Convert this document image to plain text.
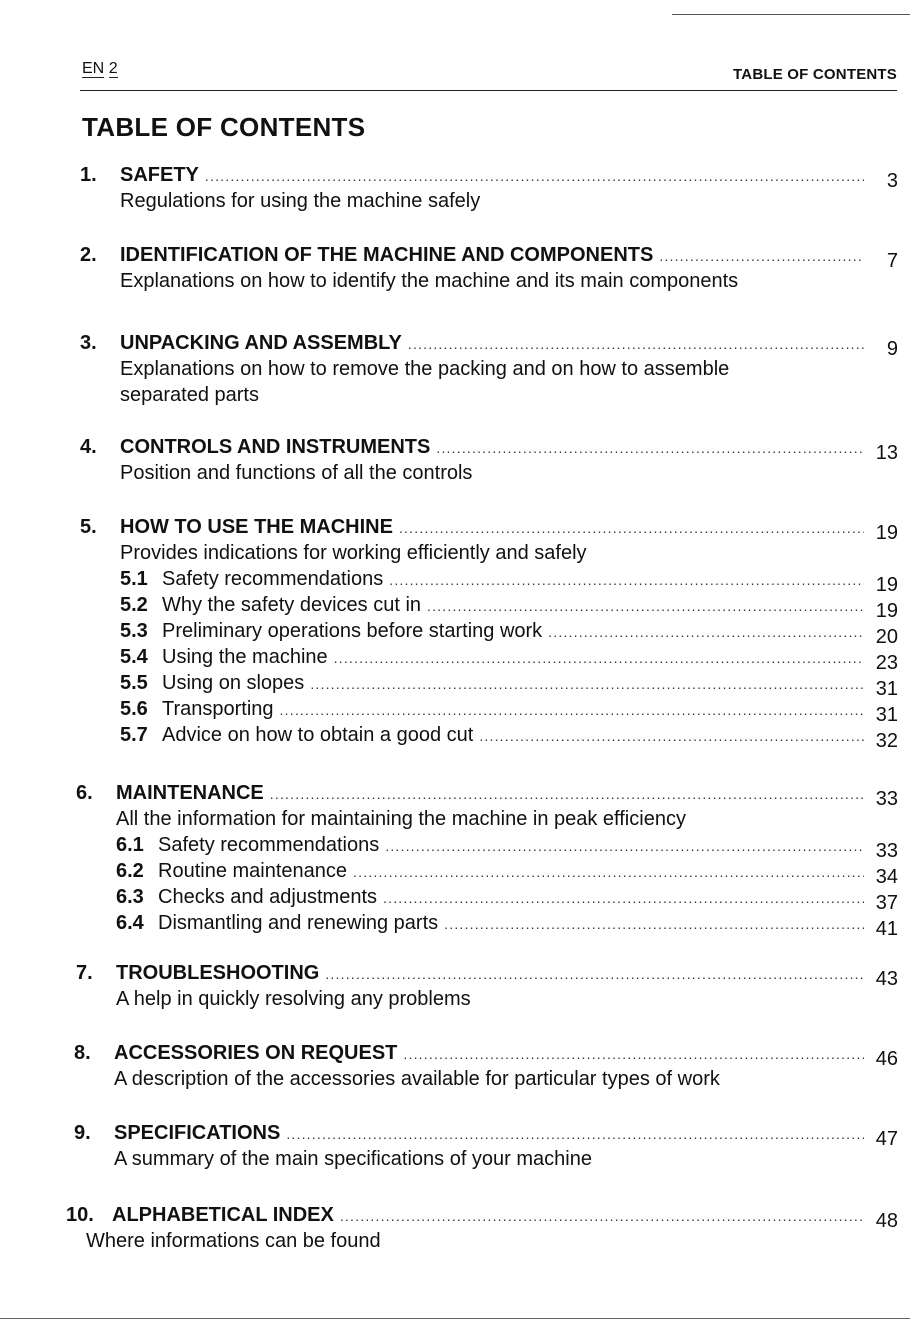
EN 2	TABLE OF CONTENTS
TABLE OF CONTENTS
1.	SAFETY .....	3
Regulations for using the machine safely
2.	IDENTIFICATION OF THE MACHINE AND COMPONENTS .....	7
Explanations on how to identify the machine and its main components
3.	UNPACKING AND ASSEMBLY .....	9
Explanations on how to remove the packing and on how to assemble
separated parts
4.	CONTROLS AND INSTRUMENTS .....	13
Position and functions of all the controls
5.	HOW TO USE THE MACHINE .....	19
Provides indications for working efficiently and safely
5.1 Safety recommendations .....	19
5.2 Why the safety devices cut in .....	19
5.3 Preliminary operations before starting work .....	20
5.4 Using the machine .....	23
5.5 Using on slopes .....	31
5.6 Transporting .....	31
5.7 Advice on how to obtain a good cut .....	32
6.	MAINTENANCE .....	33
All the information for maintaining the machine in peak efficiency
6.1 Safety recommendations .....	33
6.2 Routine maintenance .....	34
6.3 Checks and adjustments .....	37
6.4 Dismantling and renewing parts .....	41
7.	TROUBLESHOOTING .....	43
A help in quickly resolving any problems
8.	ACCESSORIES ON REQUEST .....	46
A description of the accessories available for particular types of work
9.	SPECIFICATIONS .....	47
A summary of the main specifications of your machine
10. ALPHABETICAL INDEX .....	48
Where informations can be found
